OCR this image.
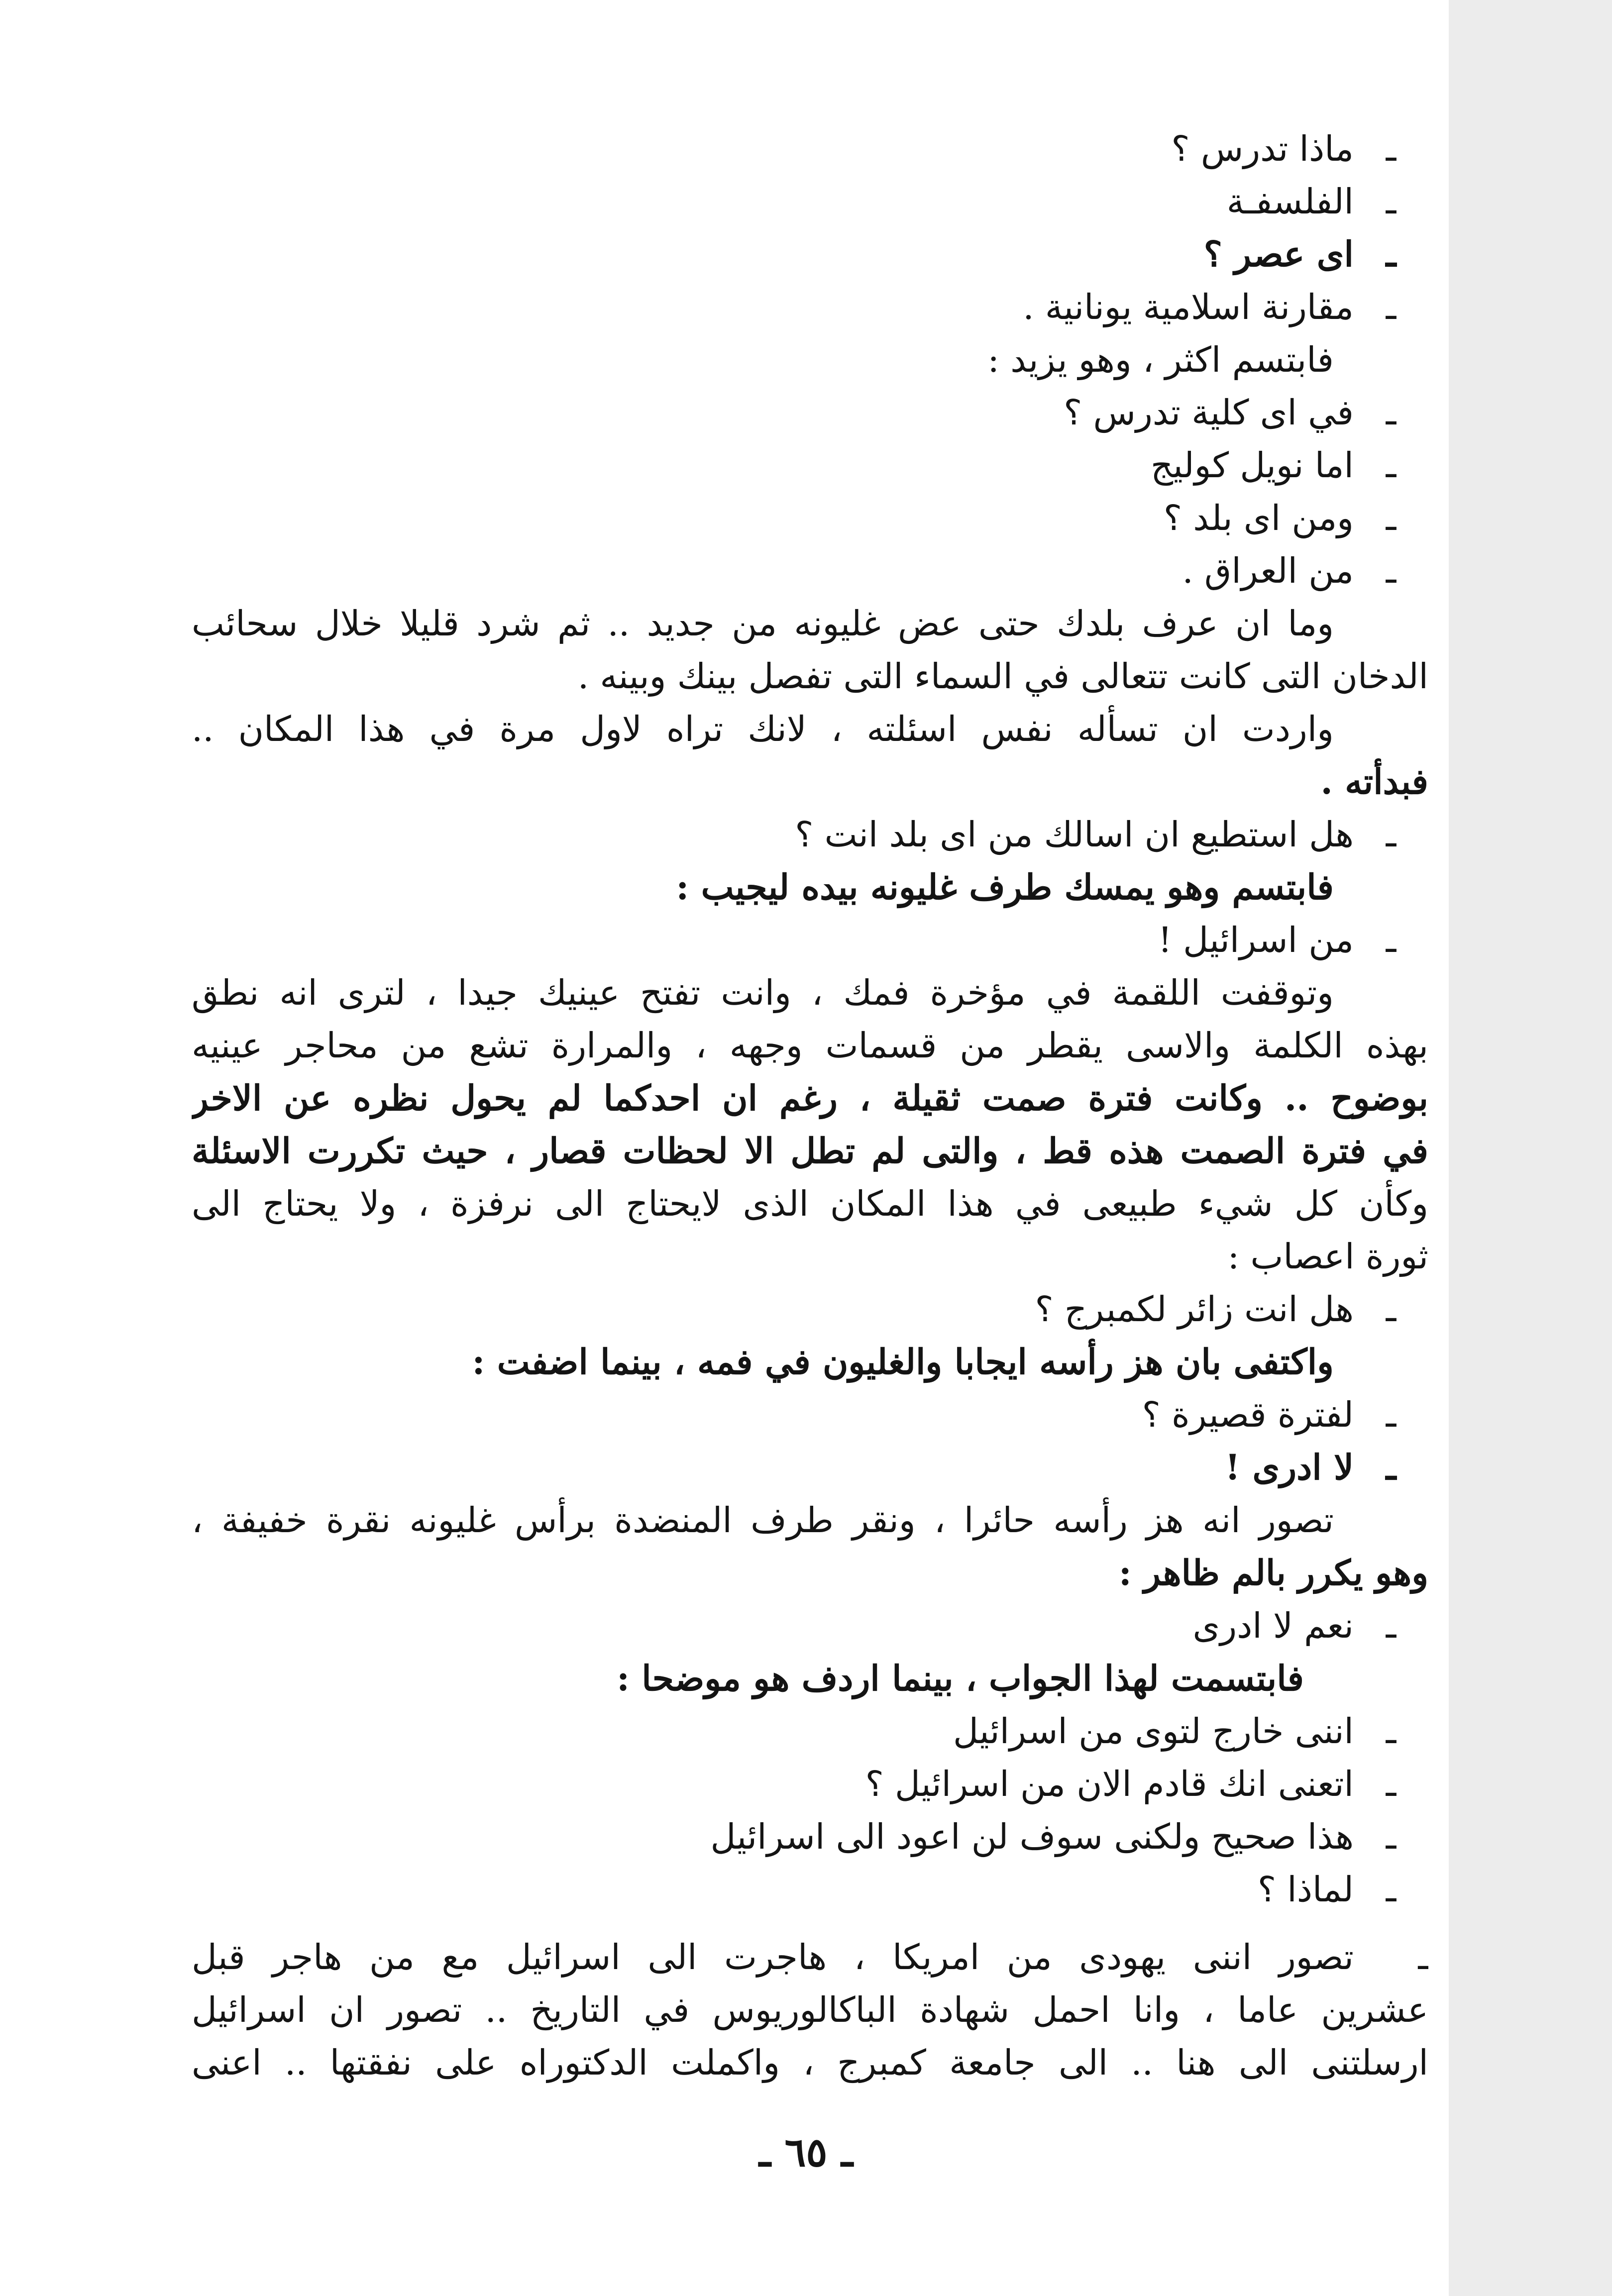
ـماذا تدرس ؟

ـالفلسفـة

ـاى عصر ؟

ـمقارنة اسلامية يونانية .

فابتسم اكثر ، وهو يزيد :

ـفي اى كلية تدرس ؟

ـاما نويل كوليج

ـومن اى بلد ؟

ـمن العراق .

وما ان عرف بلدك حتى عض غليونه من جديد .. ثم شرد قليلا خلال سحائب

الدخان التى كانت تتعالى في السماء التى تفصل بينك وبينه .

واردت ان تسأله نفس اسئلته ، لانك تراه لاول مرة في هذا المكان ..

فبدأته .

ـهل استطيع ان اسالك من اى بلد انت ؟

فابتسم وهو يمسك طرف غليونه بيده ليجيب :

ـمن اسرائيل !

وتوقفت اللقمة في مؤخرة فمك ، وانت تفتح عينيك جيدا ، لترى انه نطق

بهذه الكلمة والاسى يقطر من قسمات وجهه ، والمرارة تشع من محاجر عينيه

بوضوح .. وكانت فترة صمت ثقيلة ، رغم ان احدكما لم يحول نظره عن الاخر

في فترة الصمت هذه قط ، والتى لم تطل الا لحظات قصار ، حيث تكررت الاسئلة

وكأن كل شيء طبيعى في هذا المكان الذى لايحتاج الى نرفزة ، ولا يحتاج الى

ثورة اعصاب :

ـهل انت زائر لكمبرج ؟

واكتفى بان هز رأسه ايجابا والغليون في فمه ، بينما اضفت :

ـلفترة قصيرة ؟

ـلا ادرى !

تصور انه هز رأسه حائرا ، ونقر طرف المنضدة برأس غليونه نقرة خفيفة ،

وهو يكرر بالم ظاهر :

ـنعم لا ادرى

فابتسمت لهذا الجواب ، بينما اردف هو موضحا :

ـاننى خارج لتوى من اسرائيل

ـاتعنى انك قادم الان من اسرائيل ؟

ـهذا صحيح ولكنى سوف لن اعود الى اسرائيل

ـلماذا ؟

ـتصور اننى يهودى من امريكا ، هاجرت الى اسرائيل مع من هاجر قبل

عشرين عاما ، وانا احمل شهادة الباكالوريوس في التاريخ .. تصور ان اسرائيل

ارسلتنى الى هنا .. الى جامعة كمبرج ، واكملت الدكتوراه على نفقتها .. اعنى

ـ ٦٥ ـ
